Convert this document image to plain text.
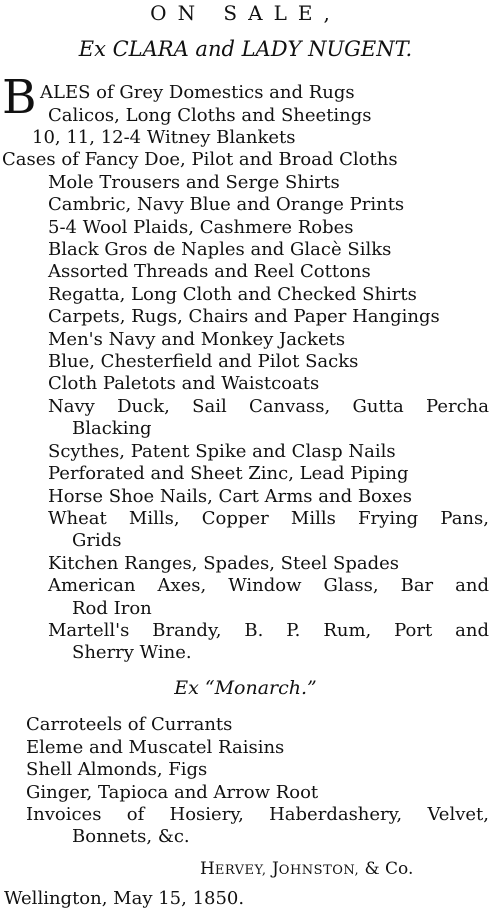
ON SALE,
Ex CLARA and LADY NUGENT.
B ALES of Grey Domestics and Rugs
Calicos, Long Cloths and Sheetings
10, 11, 12-4 Witney Blankets
Cases of Fancy Doe, Pilot and Broad Cloths
Mole Trousers and Serge Shirts
Cambric, Navy Blue and Orange Prints
5-4 Wool Plaids, Cashmere Robes
Black Gros de Naples and Glacè Silks
Assorted Threads and Reel Cottons
Regatta, Long Cloth and Checked Shirts
Carpets, Rugs, Chairs and Paper Hangings
Men's Navy and Monkey Jackets
Blue, Chesterfield and Pilot Sacks
Cloth Paletots and Waistcoats
Navy Duck, Sail Canvass, Gutta Percha
Blacking
Scythes, Patent Spike and Clasp Nails
Perforated and Sheet Zinc, Lead Piping
Horse Shoe Nails, Cart Arms and Boxes
Wheat Mills, Copper Mills Frying Pans,
Grids
Kitchen Ranges, Spades, Steel Spades
American Axes, Window Glass, Bar and
Rod Iron
Martell's Brandy, B. P. Rum, Port and
Sherry Wine.
Ex “Monarch.”
Carroteels of Currants
Eleme and Muscatel Raisins
Shell Almonds, Figs
Ginger, Tapioca and Arrow Root
Invoices of Hosiery, Haberdashery, Velvet,
Bonnets, &c.
HERVEY, JOHNSTON, & Co.
Wellington, May 15, 1850.
